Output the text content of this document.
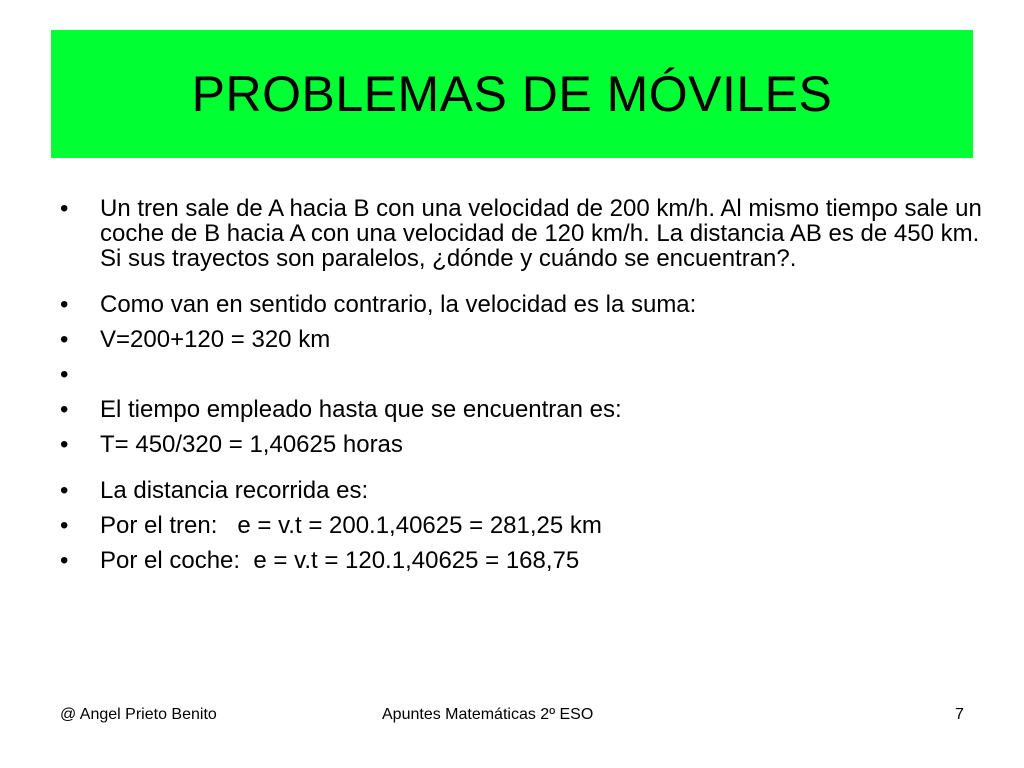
PROBLEMAS DE MÓVILES
•	Un tren sale de A hacia B con una velocidad de 200 km/h. Al mismo tiempo sale un coche de B hacia A con una velocidad de 120 km/h. La distancia AB es de 450 km. Si sus trayectos son paralelos, ¿dónde y cuándo se encuentran?.
•	Como van en sentido contrario, la velocidad es la suma:
•	V=200+120 = 320 km
•
•	El tiempo empleado hasta que se encuentran es:
•	T= 450/320 = 1,40625 horas
•	La distancia recorrida es:
•	Por el tren:   e = v.t = 200.1,40625 = 281,25 km
•	Por el coche:  e = v.t = 120.1,40625 = 168,75
@ Angel Prieto Benito	Apuntes Matemáticas 2º ESO	7
